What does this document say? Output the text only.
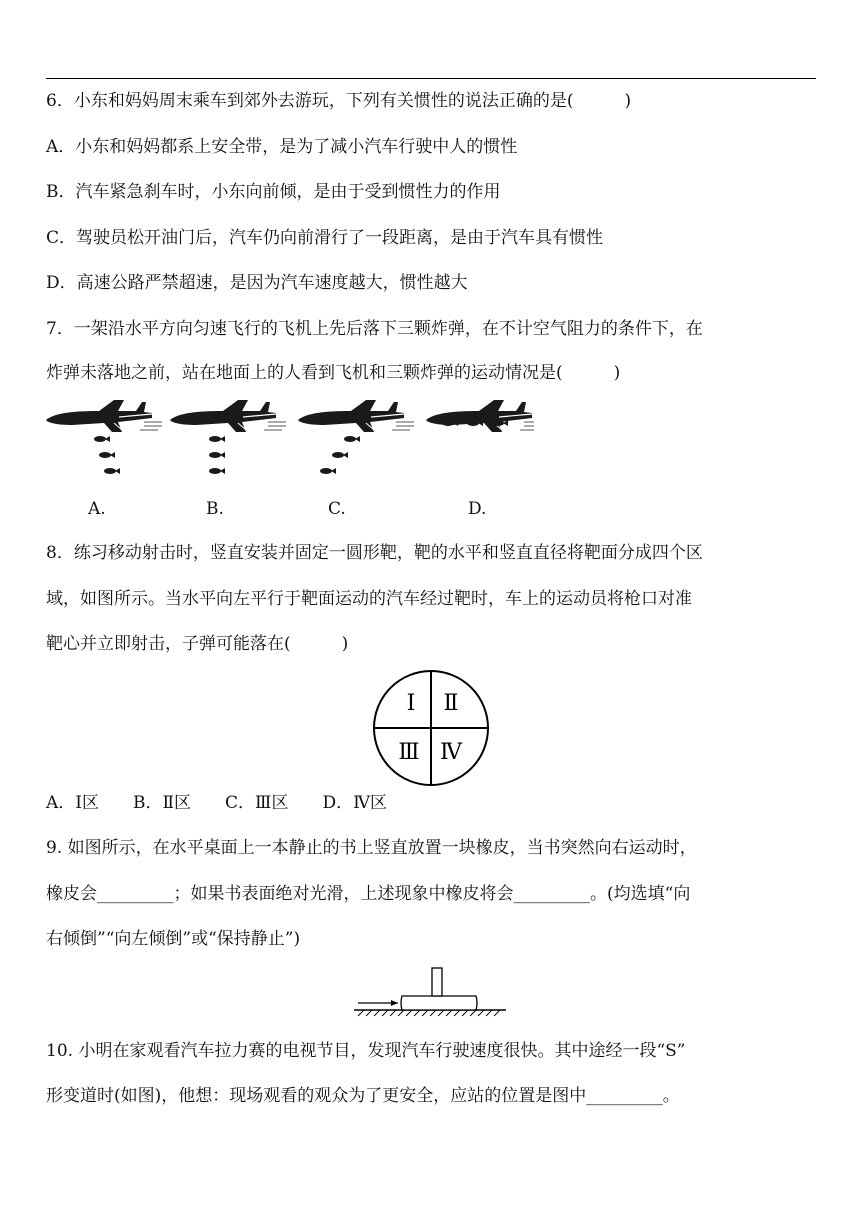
6．小东和妈妈周末乘车到郊外去游玩，下列有关惯性的说法正确的是(　　　)
A．小东和妈妈都系上安全带，是为了减小汽车行驶中人的惯性
B．汽车紧急刹车时，小东向前倾，是由于受到惯性力的作用
C．驾驶员松开油门后，汽车仍向前滑行了一段距离，是由于汽车具有惯性
D．高速公路严禁超速，是因为汽车速度越大，惯性越大
7．一架沿水平方向匀速飞行的飞机上先后落下三颗炸弹，在不计空气阻力的条件下，在
炸弹未落地之前，站在地面上的人看到飞机和三颗炸弹的运动情况是(　　　)
A.	B.	C.	D.
8．练习移动射击时，竖直安装并固定一圆形靶，靶的水平和竖直直径将靶面分成四个区
域，如图所示。当水平向左平行于靶面运动的汽车经过靶时，车上的运动员将枪口对准
靶心并立即射击，子弹可能落在(　　　)
Ⅰ Ⅱ
Ⅲ Ⅳ
A．Ⅰ区　　B．Ⅱ区　　C．Ⅲ区　　D．Ⅳ区
9. 如图所示，在水平桌面上一本静止的书上竖直放置一块橡皮，当书突然向右运动时，
橡皮会_________；如果书表面绝对光滑，上述现象中橡皮将会_________。(均选填“向
右倾倒”“向左倾倒”或“保持静止”)
10. 小明在家观看汽车拉力赛的电视节目，发现汽车行驶速度很快。其中途经一段“S”
形变道时(如图)，他想：现场观看的观众为了更安全，应站的位置是图中_________。
